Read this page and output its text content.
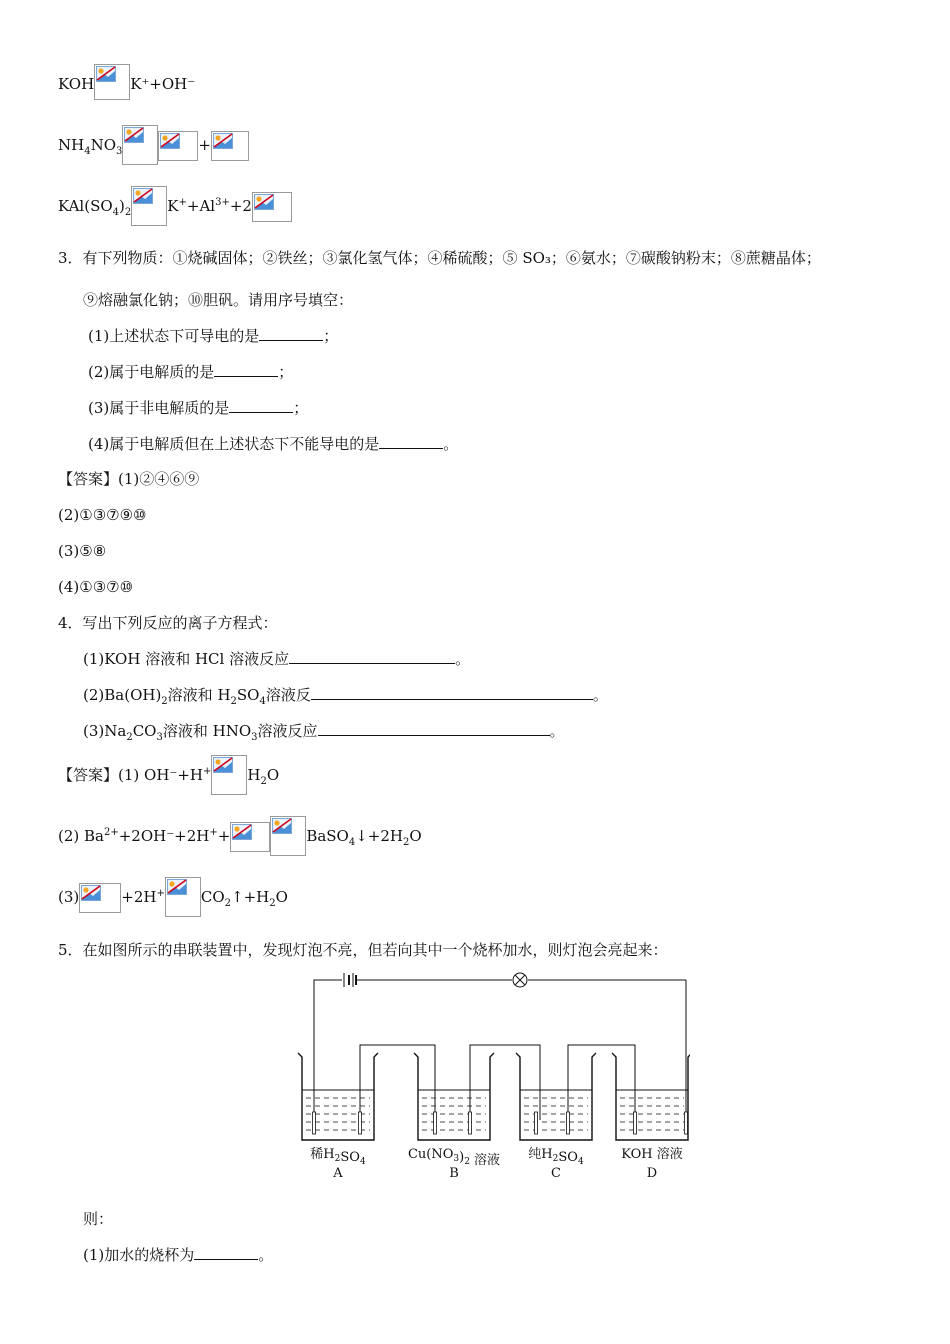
KOH K⁺+OH⁻
$NH_4NO_3$	+
$KAl(SO_4)_2$ $K^++Al^{3+}+2$
3．有下列物质：①烧碱固体；②铁丝；③氯化氢气体；④稀硫酸；⑤ SO₃；⑥氨水；⑦碳酸钠粉末；⑧蔗糖晶体；
⑨熔融氯化钠；⑩胆矾。请用序号填空：
(1)上述状态下可导电的是	；
(2)属于电解质的是	；
(3)属于非电解质的是	；
(4)属于电解质但在上述状态下不能导电的是	。
【答案】(1)②④⑥⑨
(2)①③⑦⑨⑩
(3)⑤⑧
(4)①③⑦⑩
4．写出下列反应的离子方程式：
(1)KOH 溶液和 HCl 溶液反应	。
$(2)Ba(OH)_2$溶液和 $H_2SO_4$溶液反	。
$(3)Na_2CO_3$溶液和 $HNO_3$溶液反应	。
【答案】(1) OH⁻+H+ $H_2O$
(2) $Ba^{2+}+2OH^-+2H^++$	$BaSO_4↓+2H_2O$
(3)	+2H+ $CO_2↑+H_2O$
5．在如图所示的串联装置中，发现灯泡不亮，但若向其中一个烧杯加水，则灯泡会亮起来：
稀$H_2SO_4$
A
$Cu(NO_3)_2$ 溶液
B
纯$H_2SO_4$
C
KOH 溶液
D
则：
(1)加水的烧杯为	。
